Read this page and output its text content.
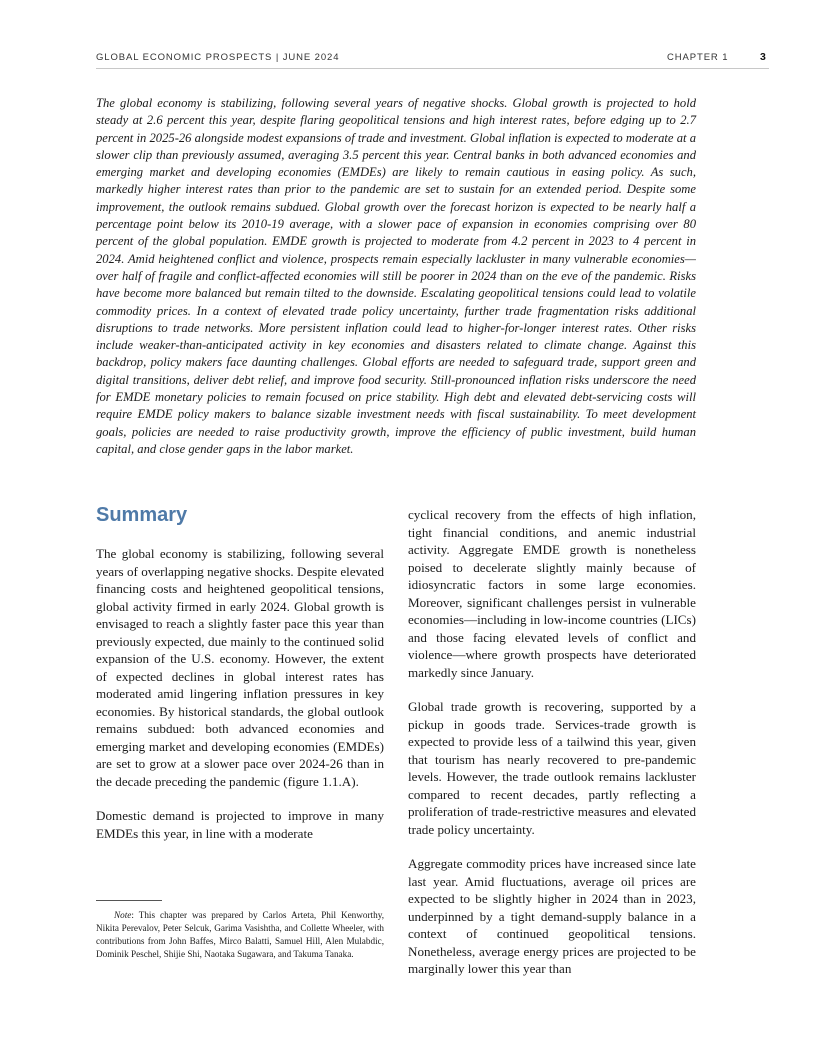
GLOBAL ECONOMIC PROSPECTS | JUNE 2024	CHAPTER 1	3

The global economy is stabilizing, following several years of negative shocks. Global growth is projected to hold steady at 2.6 percent this year, despite flaring geopolitical tensions and high interest rates, before edging up to 2.7 percent in 2025-26 alongside modest expansions of trade and investment. Global inflation is expected to moderate at a slower clip than previously assumed, averaging 3.5 percent this year. Central banks in both advanced economies and emerging market and developing economies (EMDEs) are likely to remain cautious in easing policy. As such, markedly higher interest rates than prior to the pandemic are set to sustain for an extended period. Despite some improvement, the outlook remains subdued. Global growth over the forecast horizon is expected to be nearly half a percentage point below its 2010-19 average, with a slower pace of expansion in economies comprising over 80 percent of the global population. EMDE growth is projected to moderate from 4.2 percent in 2023 to 4 percent in 2024. Amid heightened conflict and violence, prospects remain especially lackluster in many vulnerable economies—over half of fragile and conflict-affected economies will still be poorer in 2024 than on the eve of the pandemic. Risks have become more balanced but remain tilted to the downside. Escalating geopolitical tensions could lead to volatile commodity prices. In a context of elevated trade policy uncertainty, further trade fragmentation risks additional disruptions to trade networks. More persistent inflation could lead to higher-for-longer interest rates. Other risks include weaker-than-anticipated activity in key economies and disasters related to climate change. Against this backdrop, policy makers face daunting challenges. Global efforts are needed to safeguard trade, support green and digital transitions, deliver debt relief, and improve food security. Still-pronounced inflation risks underscore the need for EMDE monetary policies to remain focused on price stability. High debt and elevated debt-servicing costs will require EMDE policy makers to balance sizable investment needs with fiscal sustainability. To meet development goals, policies are needed to raise productivity growth, improve the efficiency of public investment, build human capital, and close gender gaps in the labor market.

Summary

The global economy is stabilizing, following several years of overlapping negative shocks. Despite elevated financing costs and heightened geopolitical tensions, global activity firmed in early 2024. Global growth is envisaged to reach a slightly faster pace this year than previously expected, due mainly to the continued solid expansion of the U.S. economy. However, the extent of expected declines in global interest rates has moderated amid lingering inflation pressures in key economies. By historical standards, the global outlook remains subdued: both advanced economies and emerging market and developing economies (EMDEs) are set to grow at a slower pace over 2024-26 than in the decade preceding the pandemic (figure 1.1.A).

Domestic demand is projected to improve in many EMDEs this year, in line with a moderate

cyclical recovery from the effects of high inflation, tight financial conditions, and anemic industrial activity. Aggregate EMDE growth is nonetheless poised to decelerate slightly mainly because of idiosyncratic factors in some large economies. Moreover, significant challenges persist in vulnerable economies—including in low-income countries (LICs) and those facing elevated levels of conflict and violence—where growth prospects have deteriorated markedly since January.

Global trade growth is recovering, supported by a pickup in goods trade. Services-trade growth is expected to provide less of a tailwind this year, given that tourism has nearly recovered to pre-pandemic levels. However, the trade outlook remains lackluster compared to recent decades, partly reflecting a proliferation of trade-restrictive measures and elevated trade policy uncertainty.

Aggregate commodity prices have increased since late last year. Amid fluctuations, average oil prices are expected to be slightly higher in 2024 than in 2023, underpinned by a tight demand-supply balance in a context of continued geopolitical tensions. Nonetheless, average energy prices are projected to be marginally lower this year than

Note: This chapter was prepared by Carlos Arteta, Phil Kenworthy, Nikita Perevalov, Peter Selcuk, Garima Vasishtha, and Collette Wheeler, with contributions from John Baffes, Mirco Balatti, Samuel Hill, Alen Mulabdic, Dominik Peschel, Shijie Shi, Naotaka Sugawara, and Takuma Tanaka.
